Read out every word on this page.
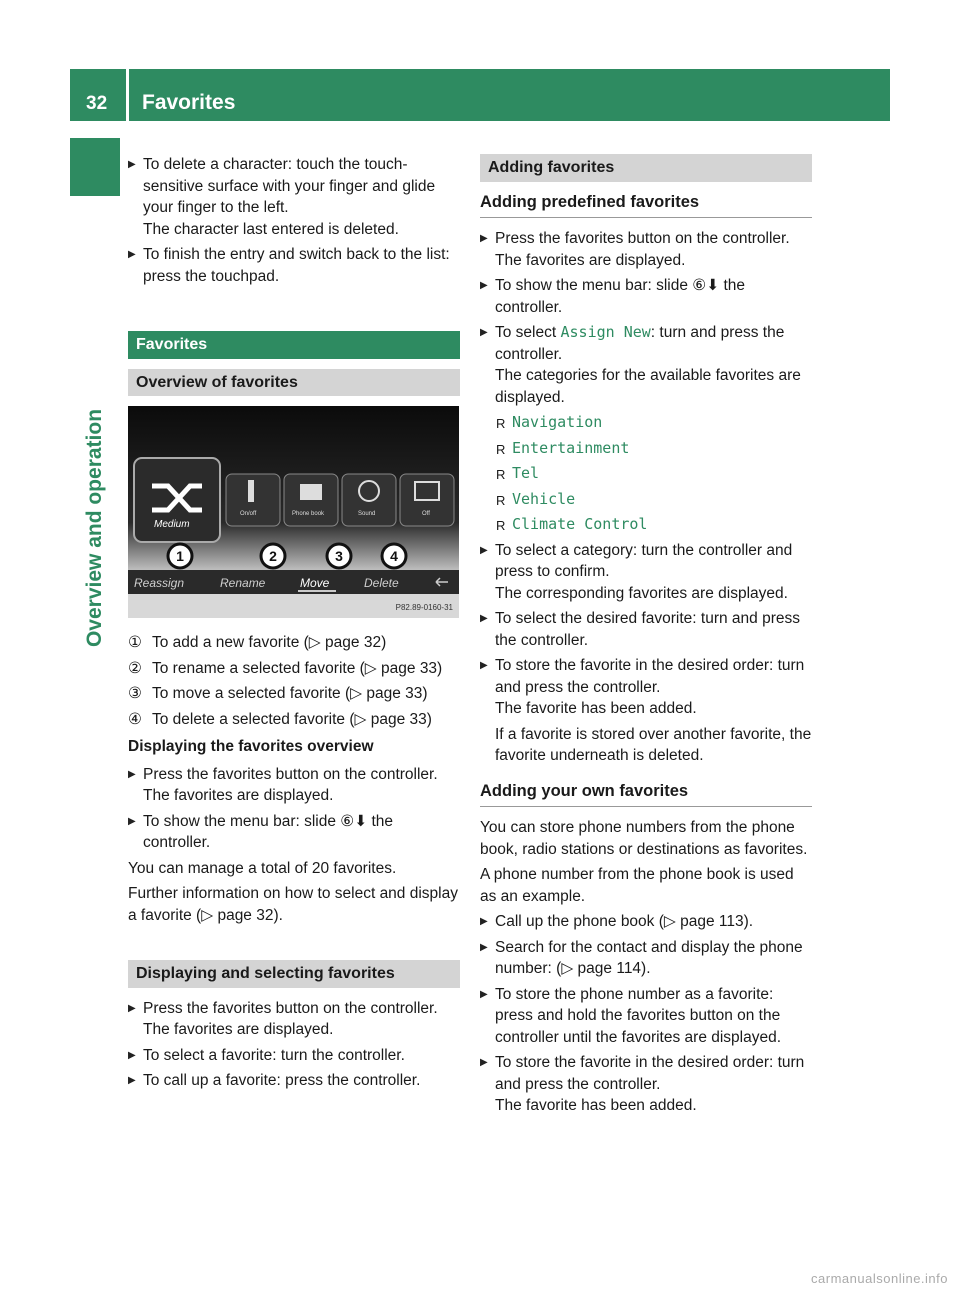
32 Favorites
Overview and operation
▶ To delete a character: touch the touch-sensitive surface with your finger and glide your finger to the left.

The character last entered is deleted.

▶ To finish the entry and switch back to the list: press the touchpad.
Favorites
Overview of favorites
Medium
On/off	Phone book	Sound	Off
1	2	3	4
Reassign	Rename	Move	Delete
P82.89-0160-31
① To add a new favorite (▷ page 32)
② To rename a selected favorite (▷ page 33)
③ To move a selected favorite (▷ page 33)
④ To delete a selected favorite (▷ page 33)
Displaying the favorites overview
▶ Press the favorites button on the controller.

The favorites are displayed.

▶ To show the menu bar: slide ⑥⬇ the controller.

You can manage a total of 20 favorites.

Further information on how to select and display a favorite (▷ page 32).

Displaying and selecting favorites
▶ Press the favorites button on the controller.

The favorites are displayed.

▶ To select a favorite: turn the controller.
▶ To call up a favorite: press the controller.
Adding favorites
Adding predefined favorites
▶ Press the favorites button on the controller.

The favorites are displayed.

▶ To show the menu bar: slide ⑥⬇ the controller.
▶ To select Assign New: turn and press the controller.

The categories for the available favorites are displayed.

R Navigation
R Entertainment
R Tel
R Vehicle
R Climate Control
▶ To select a category: turn the controller and press to confirm.

The corresponding favorites are displayed.

▶ To select the desired favorite: turn and press the controller.
▶ To store the favorite in the desired order: turn and press the controller.

The favorite has been added.

If a favorite is stored over another favorite, the favorite underneath is deleted.

Adding your own favorites

You can store phone numbers from the phone book, radio stations or destinations as favorites.

A phone number from the phone book is used as an example.

▶ Call up the phone book (▷ page 113).
▶ Search for the contact and display the phone number: (▷ page 114).
▶ To store the phone number as a favorite: press and hold the favorites button on the controller until the favorites are displayed.
▶ To store the favorite in the desired order: turn and press the controller.

The favorite has been added.

carmanualsonline.info
